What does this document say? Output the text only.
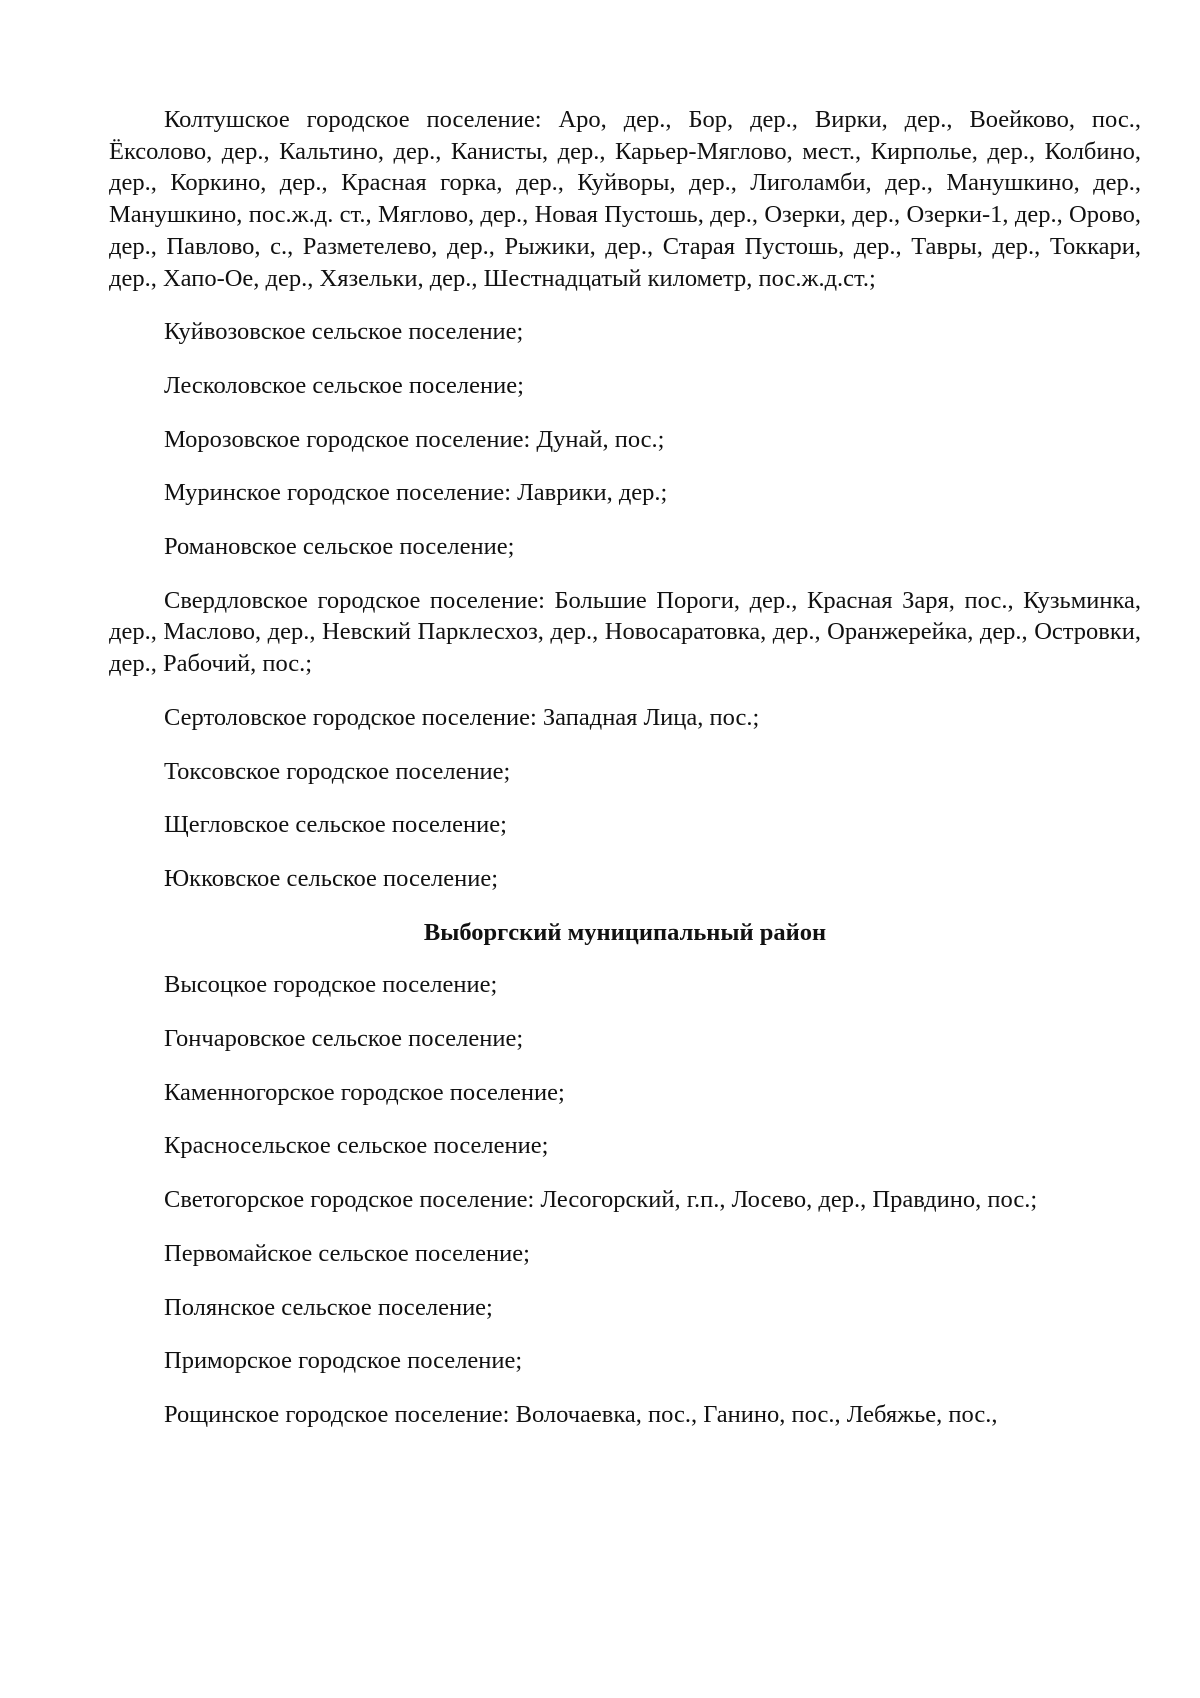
Колтушское городское поселение: Аро, дер., Бор, дер., Вирки, дер., Воейково, пос., Ёксолово, дер., Кальтино, дер., Канисты, дер., Карьер-Мяглово, мест., Кирполье, дер., Колбино, дер., Коркино, дер., Красная горка, дер., Куйворы, дер., Лиголамби, дер., Манушкино, дер., Манушкино, пос.ж.д. ст., Мяглово, дер., Новая Пустошь, дер., Озерки, дер., Озерки-1, дер., Орово, дер., Павлово, с., Разметелево, дер., Рыжики, дер., Старая Пустошь, дер., Тавры, дер., Токкари, дер., Хапо-Ое, дер., Хязельки, дер., Шестнадцатый километр, пос.ж.д.ст.;

Куйвозовское сельское поселение;

Лесколовское сельское поселение;

Морозовское городское поселение: Дунай, пос.;

Муринское городское поселение: Лаврики, дер.;

Романовское сельское поселение;

Свердловское городское поселение: Большие Пороги, дер., Красная Заря, пос., Кузьминка, дер., Маслово, дер., Невский Парклесхоз, дер., Новосаратовка, дер., Оранжерейка, дер., Островки, дер., Рабочий, пос.;

Сертоловское городское поселение: Западная Лица, пос.;

Токсовское городское поселение;

Щегловское сельское поселение;

Юкковское сельское поселение;

Выборгский муниципальный район

Высоцкое городское поселение;

Гончаровское сельское поселение;

Каменногорское городское поселение;

Красносельское сельское поселение;

Светогорское городское поселение: Лесогорский, г.п., Лосево, дер., Правдино, пос.;

Первомайское сельское поселение;

Полянское сельское поселение;

Приморское городское поселение;

Рощинское городское поселение: Волочаевка, пос., Ганино, пос., Лебяжье, пос.,
